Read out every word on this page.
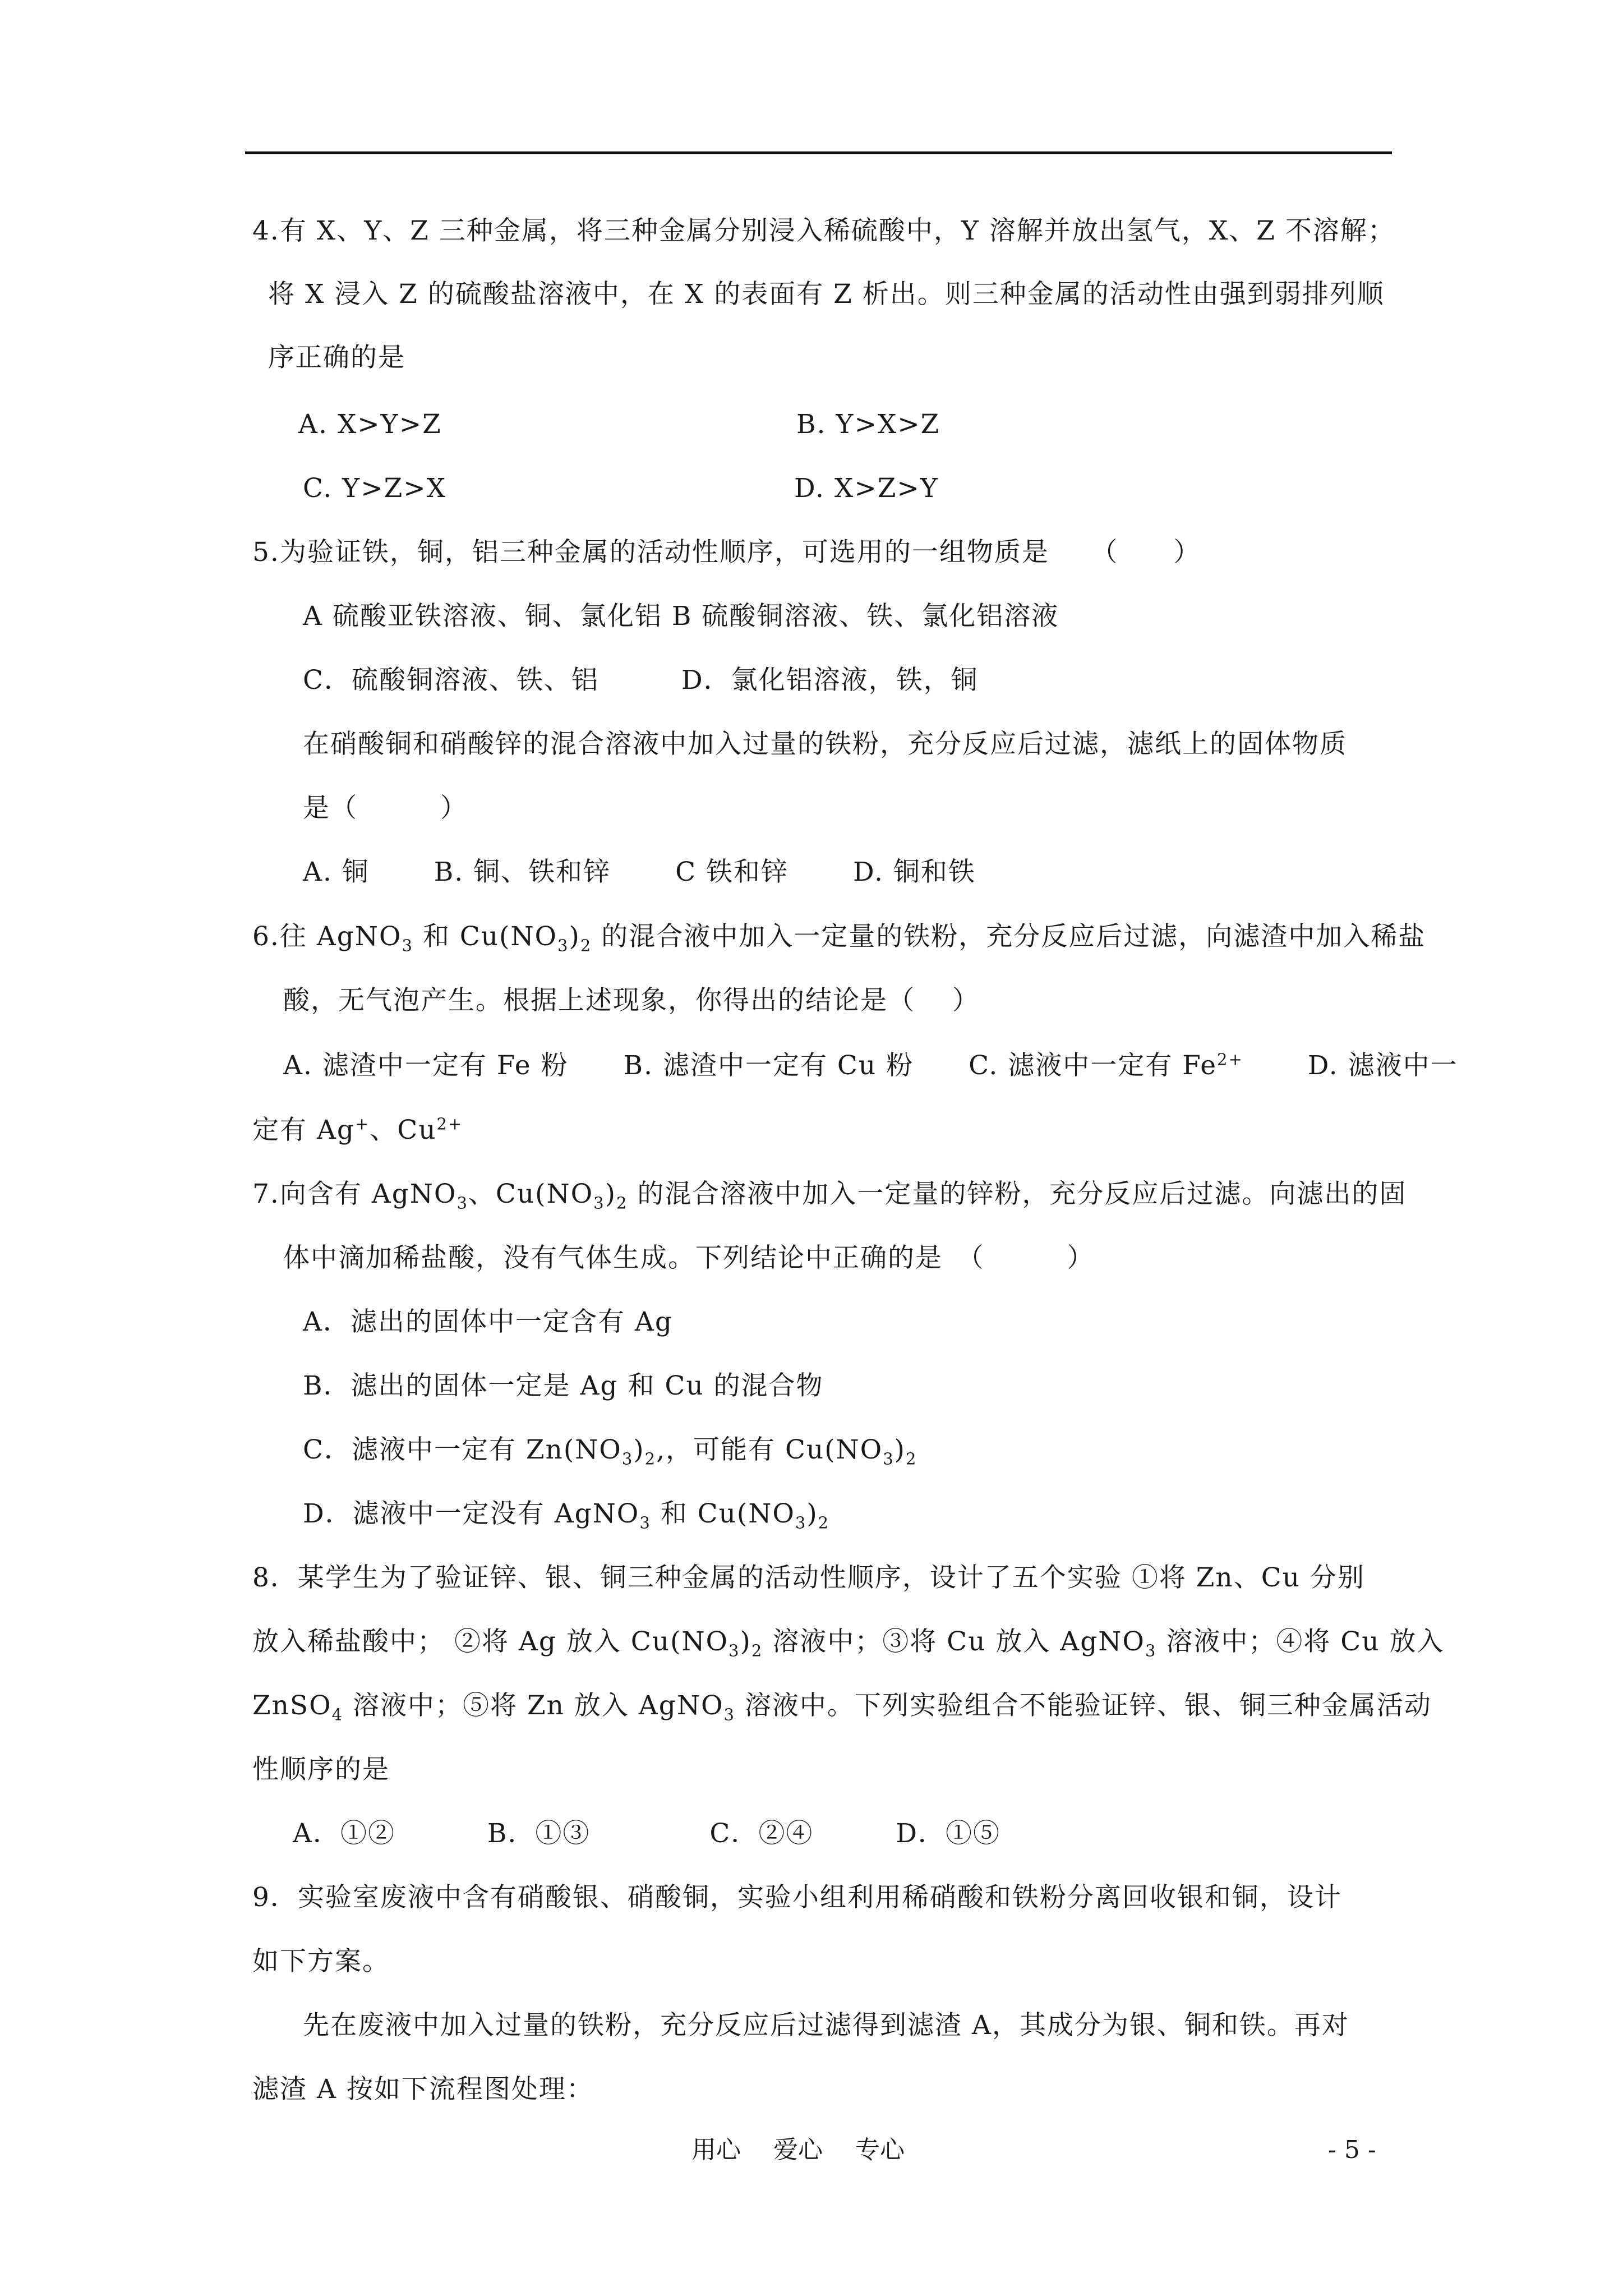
4.有 X、Y、Z 三种金属，将三种金属分别浸入稀硫酸中，Y 溶解并放出氢气，X、Z 不溶解；
将 X 浸入 Z 的硫酸盐溶液中，在 X 的表面有 Z 析出。则三种金属的活动性由强到弱排列顺
序正确的是
A. X>Y>Z	B. Y>X>Z
C. Y>Z>X	D. X>Z>Y
5.为验证铁，铜，铝三种金属的活动性顺序，可选用的一组物质是　　（　　）
A 硫酸亚铁溶液、铜、氯化铝 B 硫酸铜溶液、铁、氯化铝溶液
C．硫酸铜溶液、铁、铝　　　D．氯化铝溶液，铁，铜
在硝酸铜和硝酸锌的混合溶液中加入过量的铁粉，充分反应后过滤，滤纸上的固体物质
是（　　　）
A. 铜　　 B. 铜、铁和锌　　 C 铁和锌　　 D. 铜和铁
6.往 AgNO$_3$ 和 $Cu(NO_3)_2$ 的混合液中加入一定量的铁粉，充分反应后过滤，向滤渣中加入稀盐
酸，无气泡产生。根据上述现象，你得出的结论是（　 ）
A. 滤渣中一定有 Fe 粉　　B. 滤渣中一定有 Cu 粉　　C. 滤液中一定有 $Fe^{2+}$　　 D. 滤液中一
定有 Ag+、$Cu^{2+}$
7.向含有 AgNO$_3$、$Cu(NO_3)_2$ 的混合溶液中加入一定量的锌粉，充分反应后过滤。向滤出的固
体中滴加稀盐酸，没有气体生成。下列结论中正确的是　（　　　）
A．滤出的固体中一定含有 Ag
B．滤出的固体一定是 Ag 和 Cu 的混合物
C．滤液中一定有 $Zn(NO_3)_2$,，可能有 $Cu(NO_3)_2$
D．滤液中一定没有 AgNO$_3$ 和 $Cu(NO_3)_2$
8．某学生为了验证锌、银、铜三种金属的活动性顺序，设计了五个实验 ①将 Zn、Cu 分别
放入稀盐酸中； ②将 Ag 放入 $Cu(NO_3)_2$ 溶液中；③将 Cu 放入 AgNO$_3$ 溶液中；④将 Cu 放入
ZnSO$_4$ 溶液中；⑤将 Zn 放入 AgNO$_3$ 溶液中。下列实验组合不能验证锌、银、铜三种金属活动
性顺序的是
A．①②　　　 B．①③　　　　 C．②④　　　D．①⑤
9．实验室废液中含有硝酸银、硝酸铜，实验小组利用稀硝酸和铁粉分离回收银和铜，设计
如下方案。
先在废液中加入过量的铁粉，充分反应后过滤得到滤渣 A，其成分为银、铜和铁。再对
滤渣 A 按如下流程图处理：
用心　 爱心　 专心	- 5 -
